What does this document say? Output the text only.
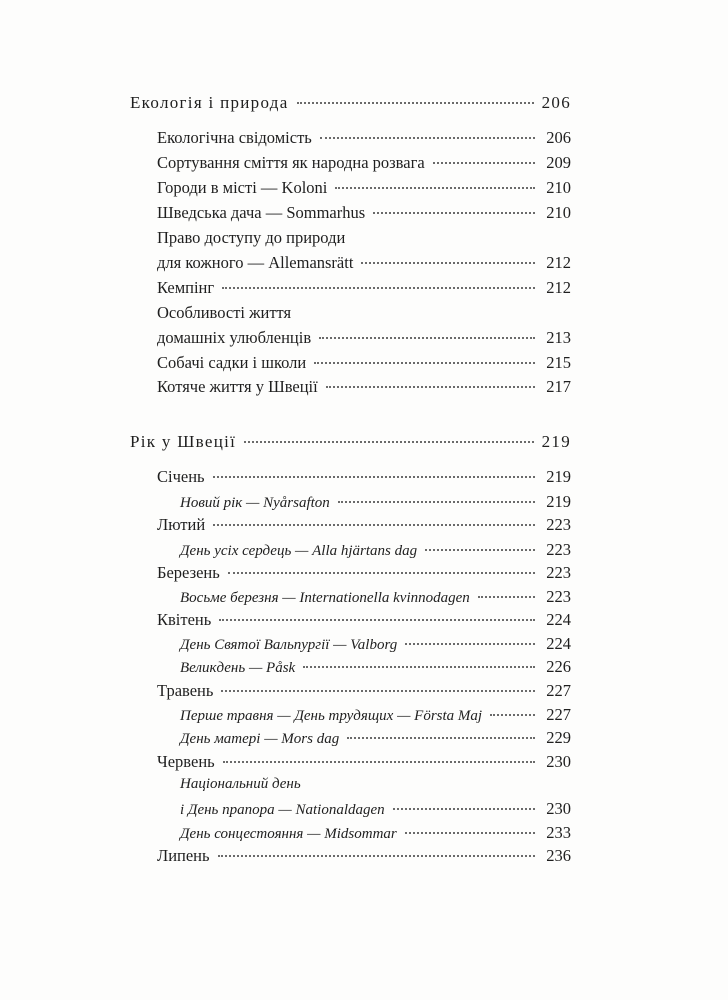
Екологія і природа	206
Екологічна свідомість	206
Сортування сміття як народна розвага	209
Городи в місті — Koloni	210
Шведська дача — Sommarhus	210
Право доступу до природи
для кожного — Allemansrätt	212
Кемпінг	212
Особливості життя
домашніх улюбленців	213
Собачі садки і школи	215
Котяче життя у Швеції	217
Рік у Швеції	219
Січень	219
Новий рік — Nyårsafton	219
Лютий	223
День усіх сердець — Alla hjärtans dag	223
Березень	223
Восьме березня — Internationella kvinnodagen	223
Квітень	224
День Святої Вальпургії — Valborg	224
Великдень — Påsk	226
Травень	227
Перше травня — День трудящих — Första Maj	227
День матері — Mors dag	229
Червень	230
Національний день
і День прапора — Nationaldagen	230
День сонцестояння — Midsommar	233
Липень	236
